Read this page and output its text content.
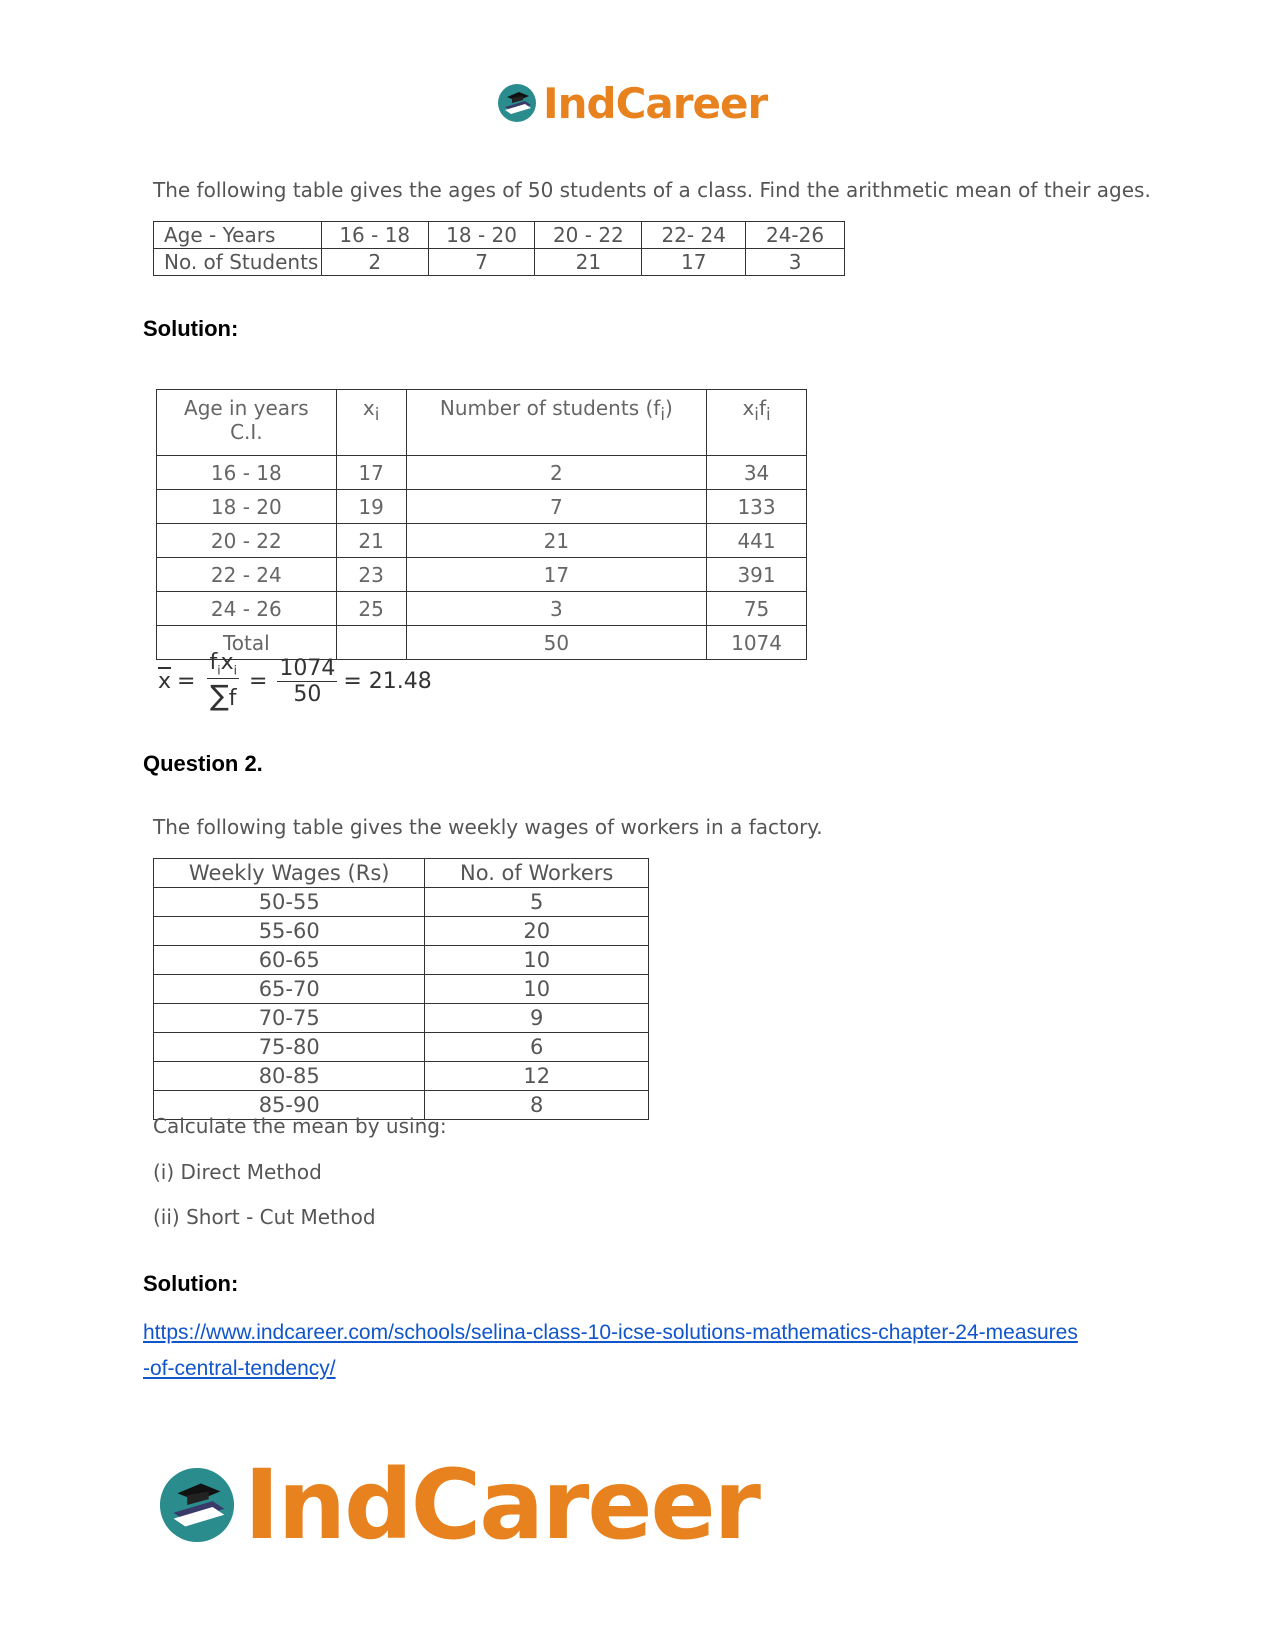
IndCareer
The following table gives the ages of 50 students of a class. Find the arithmetic mean of their ages.
Age - Years	16 - 18	18 - 20	20 - 22	22- 24	24-26
No. of Students	2	7	21	17	3
Solution:
Age in years
C.I.	$x_i$	Number of students $(f_i)$	$x_if_i$
16 - 18	17	2	34
18 - 20	19	7	133
20 - 22	21	21	441
22 - 24	23	17	391
24 - 26	25	3	75
Total		50	1074
$\overline{x} = \frac{f_ix_i}{\sum f} = \frac{1074}{50} = 21.48$
Question 2.
The following table gives the weekly wages of workers in a factory.
Weekly Wages (Rs)	No. of Workers
50-55	5
55-60	20
60-65	10
65-70	10
70-75	9
75-80	6
80-85	12
85-90	8
Calculate the mean by using:
(i) Direct Method
(ii) Short - Cut Method
Solution:
https://www.indcareer.com/schools/selina-class-10-icse-solutions-mathematics-chapter-24-measures-of-central-tendency/
IndCareer
